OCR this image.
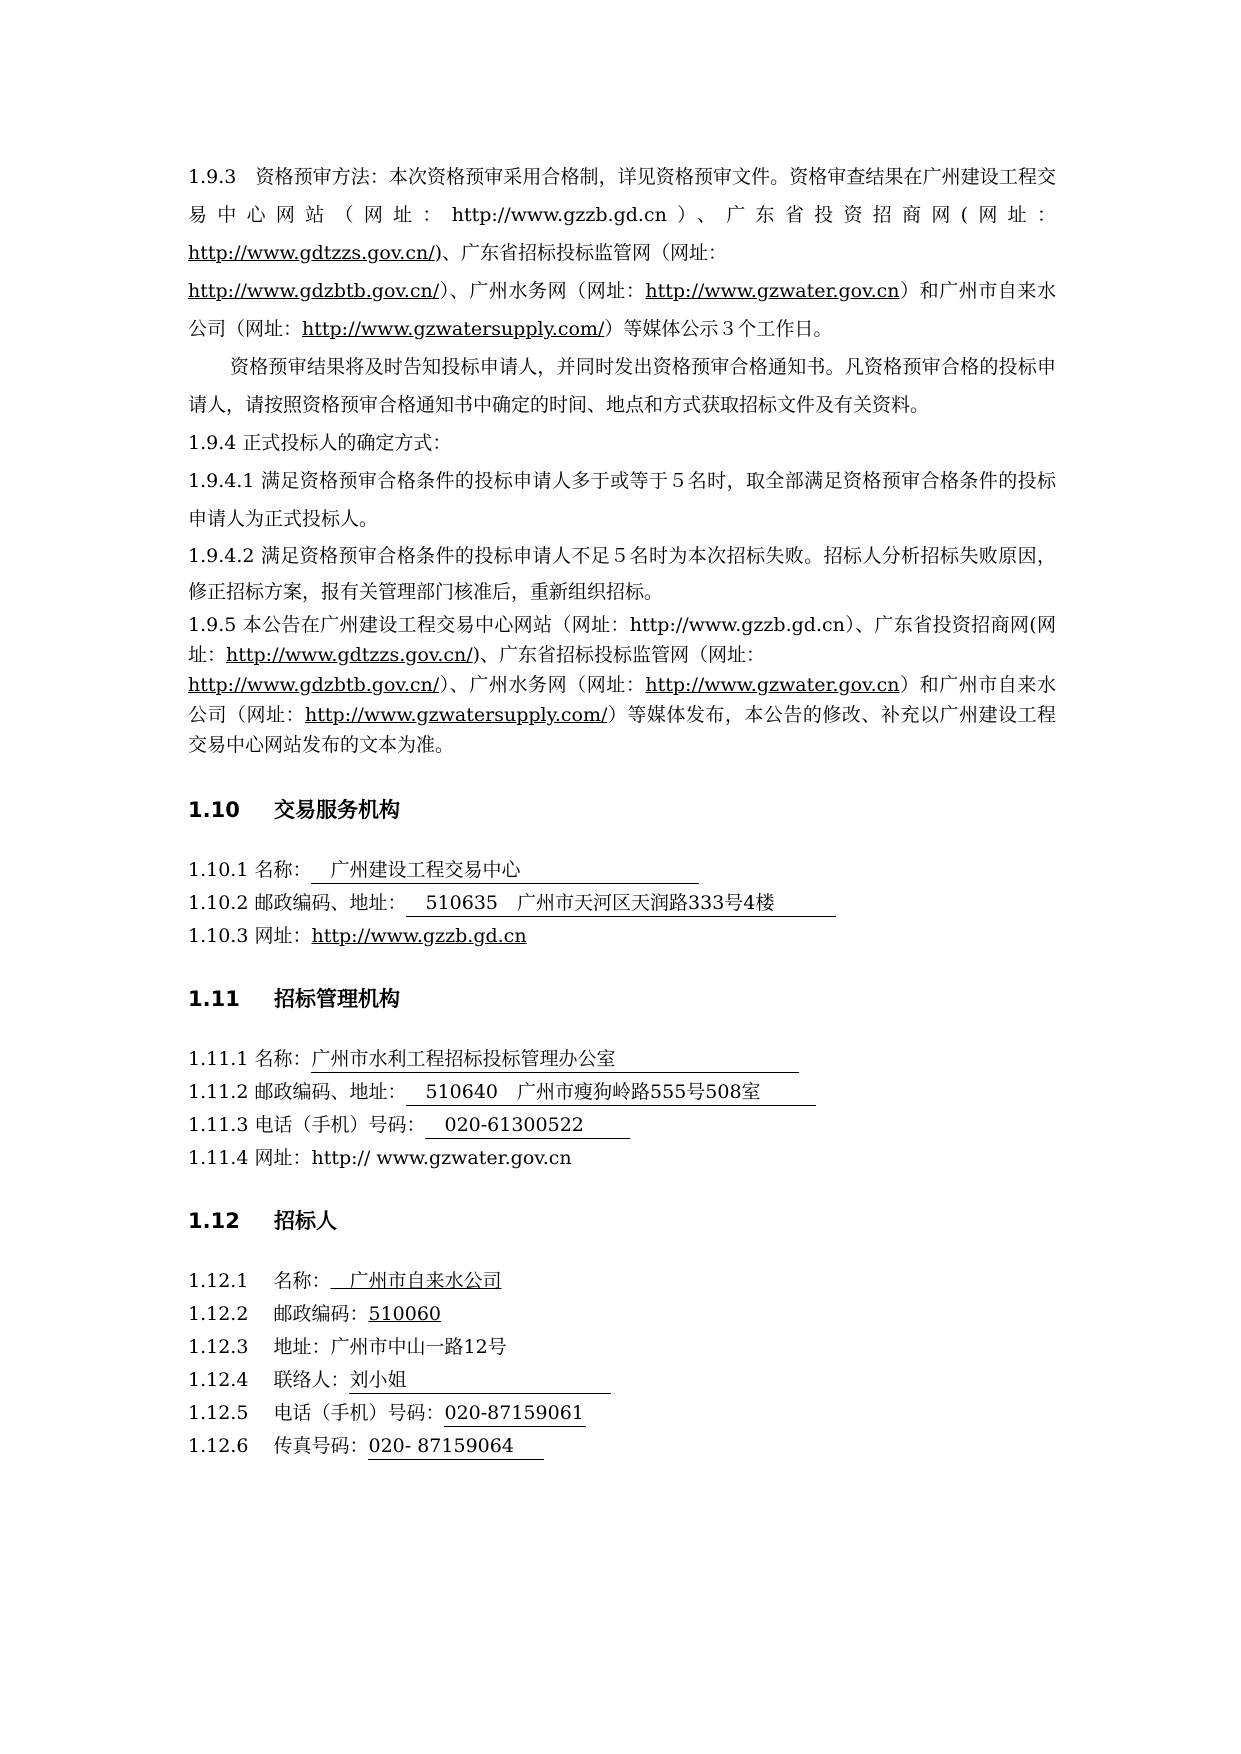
1.9.3　资格预审方法：本次资格预审采用合格制，详见资格预审文件。资格审查结果在广州建设工程交易中心网站（网址：http://www.gzzb.gd.cn）、广东省投资招商网(网址：http://www.gdtzzs.gov.cn/)、广东省招标投标监管网（网址：
http://www.gdzbtb.gov.cn/）、广州水务网（网址：http://www.gzwater.gov.cn）和广州市自来水公司（网址：http://www.gzwatersupply.com/）等媒体公示３个工作日。

资格预审结果将及时告知投标申请人，并同时发出资格预审合格通知书。凡资格预审合格的投标申请人，请按照资格预审合格通知书中确定的时间、地点和方式获取招标文件及有关资料。

1.9.4 正式投标人的确定方式：

1.9.4.1 满足资格预审合格条件的投标申请人多于或等于５名时，取全部满足资格预审合格条件的投标申请人为正式投标人。

1.9.4.2 满足资格预审合格条件的投标申请人不足５名时为本次招标失败。招标人分析招标失败原因，修正招标方案，报有关管理部门核准后，重新组织招标。

1.9.5 本公告在广州建设工程交易中心网站（网址：http://www.gzzb.gd.cn）、广东省投资招商网(网址：http://www.gdtzzs.gov.cn/)、广东省招标投标监管网（网址：
http://www.gdzbtb.gov.cn/）、广州水务网（网址：http://www.gzwater.gov.cn）和广州市自来水公司（网址：http://www.gzwatersupply.com/）等媒体发布，本公告的修改、补充以广州建设工程交易中心网站发布的文本为准。

1.10 交易服务机构
1.10.1 名称：　广州建设工程交易中心
1.10.2 邮政编码、地址：　510635　广州市天河区天润路333号4楼
1.10.3 网址：http://www.gzzb.gd.cn
1.11 招标管理机构
1.11.1 名称：广州市水利工程招标投标管理办公室
1.11.2 邮政编码、地址：　510640　广州市瘦狗岭路555号508室
1.11.3 电话（手机）号码：　020-61300522
1.11.4 网址：http:// www.gzwater.gov.cn
1.12 招标人
1.12.1　 名称：　广州市自来水公司
1.12.2　 邮政编码：510060
1.12.3　 地址：广州市中山一路12号
1.12.4　 联络人：刘小姐
1.12.5　 电话（手机）号码：020-87159061
1.12.6　 传真号码：020- 87159064
